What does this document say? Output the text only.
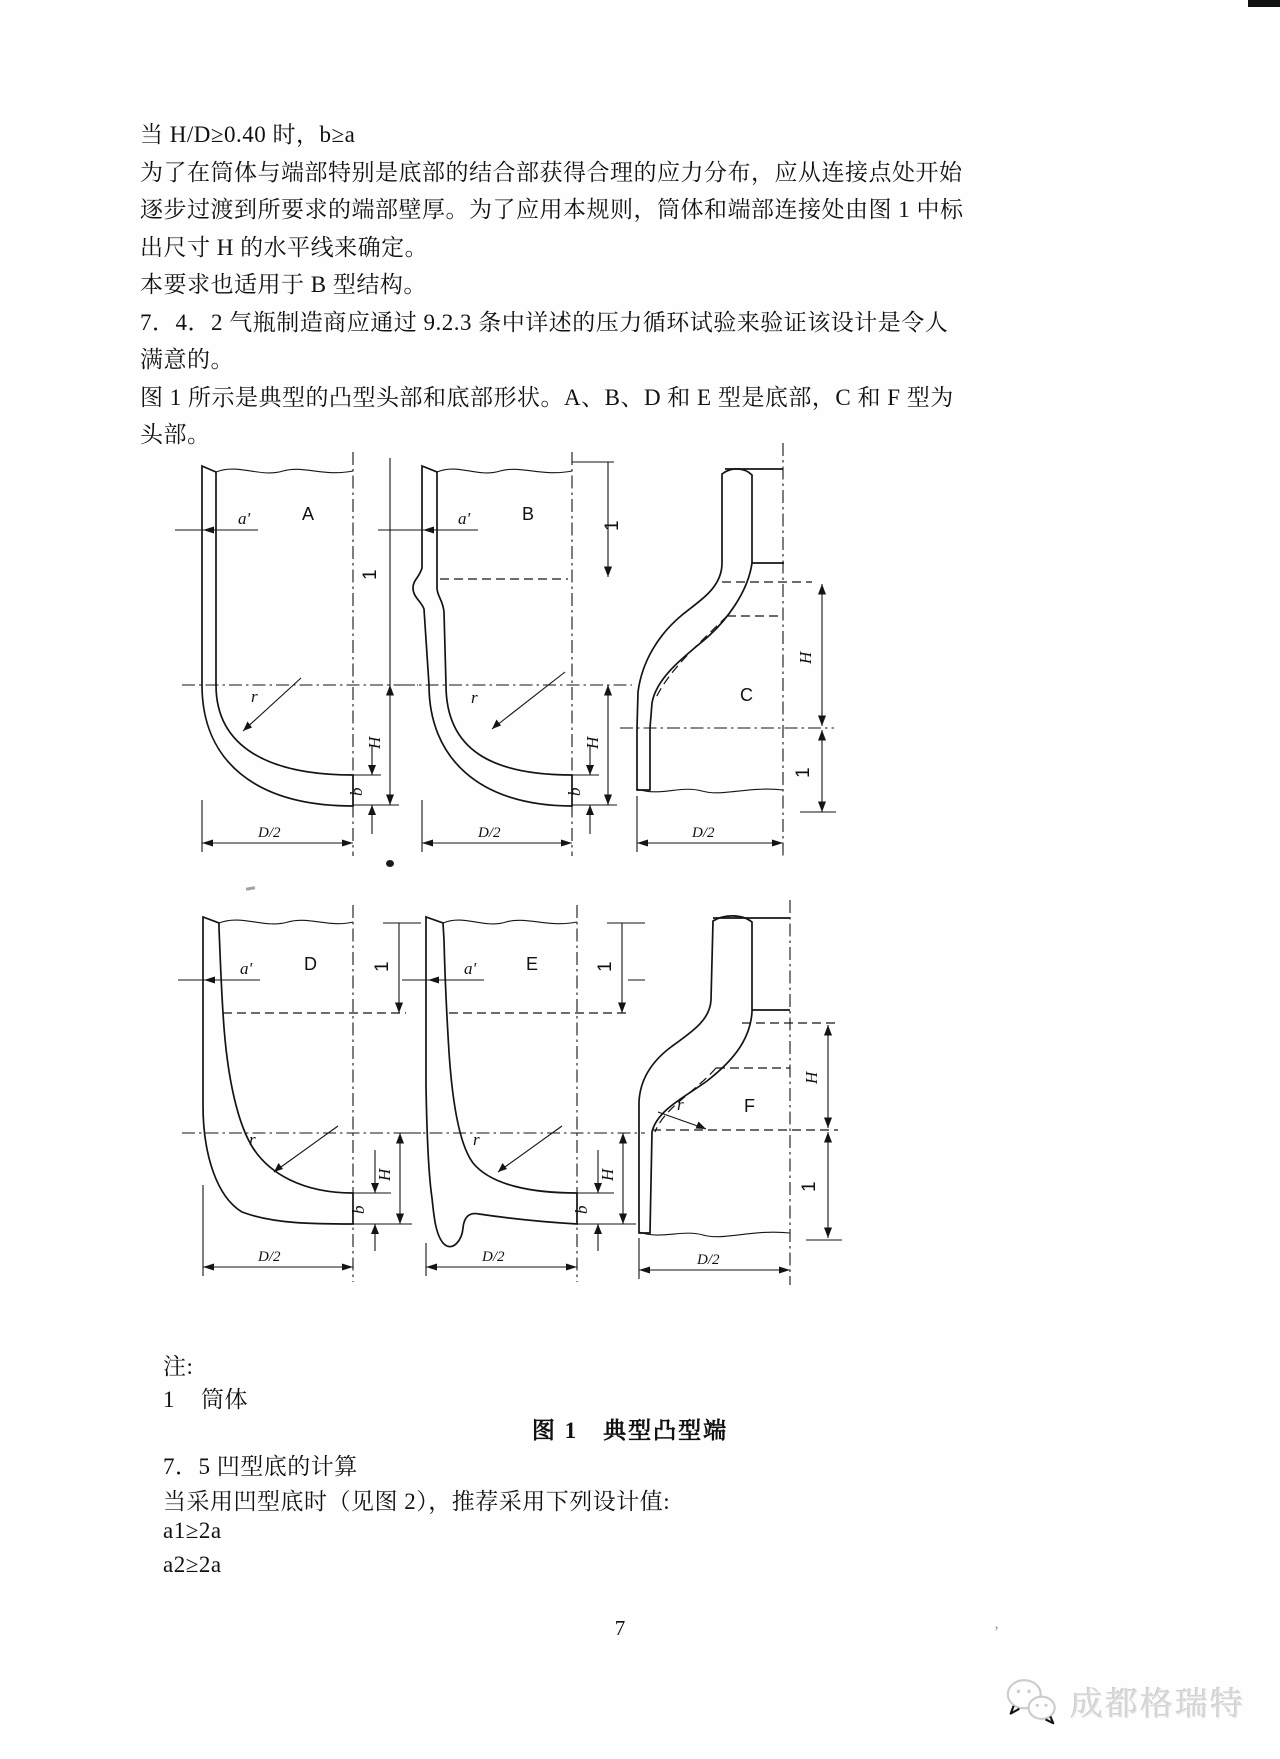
当 H/D≥0.40 时，b≥a
为了在筒体与端部特别是底部的结合部获得合理的应力分布，应从连接点处开始
逐步过渡到所要求的端部壁厚。为了应用本规则，筒体和端部连接处由图 1 中标
出尺寸 H 的水平线来确定。
本要求也适用于 B 型结构。
7．4．2 气瓶制造商应通过 9.2.3 条中详述的压力循环试验来验证该设计是令人
满意的。
图 1 所示是典型的凸型头部和底部形状。A、B、D 和 E 型是底部，C 和 F 型为
头部。
a'	A
r
1
H
b
D/2
1
a'	B
r
H
b
D/2
C
H
1
D/2
a'	D	1
r
H
b
D/2
a'	E	1
r
H
b
D/2
r	F
H
1
D/2
注:
1 筒体
图 1　典型凸型端
7．5 凹型底的计算
当采用凹型底时（见图 2），推荐采用下列设计值:
a1≥2a
a2≥2a
7	’
成都格瑞特
